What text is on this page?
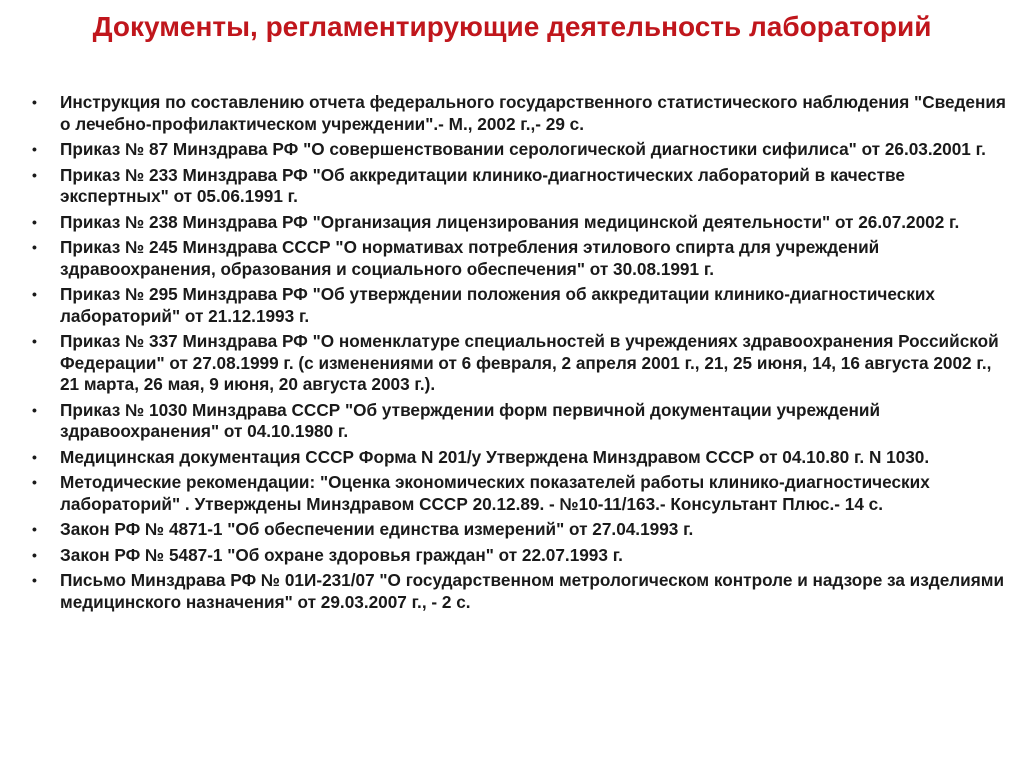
Документы, регламентирующие деятельность лабораторий
• Инструкция по составлению отчета федерального государственного статистического наблюдения "Сведения о лечебно-профилактическом учреждении".- М., 2002 г.,- 29 с.
• Приказ № 87 Минздрава РФ "О совершенствовании серологической диагностики сифилиса" от 26.03.2001 г.
• Приказ № 233 Минздрава РФ "Об аккредитации клинико-диагностических лабораторий в качестве экспертных" от 05.06.1991 г.
• Приказ № 238 Минздрава РФ "Организация лицензирования медицинской деятельности" от 26.07.2002 г.
• Приказ № 245 Минздрава СССР "О нормативах потребления этилового спирта для учреждений здравоохранения, образования и социального обеспечения" от 30.08.1991 г.
• Приказ № 295 Минздрава РФ "Об утверждении положения об аккредитации клинико-диагностических лабораторий" от 21.12.1993 г.
• Приказ № 337 Минздрава РФ "О номенклатуре специальностей в учреждениях здравоохранения Российской Федерации" от 27.08.1999 г. (с изменениями от 6 февраля, 2 апреля 2001 г., 21, 25 июня, 14, 16 августа 2002 г., 21 марта, 26 мая, 9 июня, 20 августа 2003 г.).
• Приказ № 1030 Минздрава СССР "Об утверждении форм первичной документации учреждений здравоохранения" от 04.10.1980 г.
• Медицинская документация СССР Форма N 201/у Утверждена Минздравом СССР от 04.10.80 г. N 1030.
• Методические рекомендации: "Оценка экономических показателей работы клинико-диагностических лабораторий" . Утверждены Минздравом СССР 20.12.89. - №10-11/163.- Консультант Плюс.- 14 с.
• Закон РФ № 4871-1 "Об обеспечении единства измерений" от 27.04.1993 г.
• Закон РФ № 5487-1 "Об охране здоровья граждан" от 22.07.1993 г.
• Письмо Минздрава РФ № 01И-231/07 "О государственном метрологическом контроле и надзоре за изделиями медицинского назначения" от 29.03.2007 г., - 2 с.
